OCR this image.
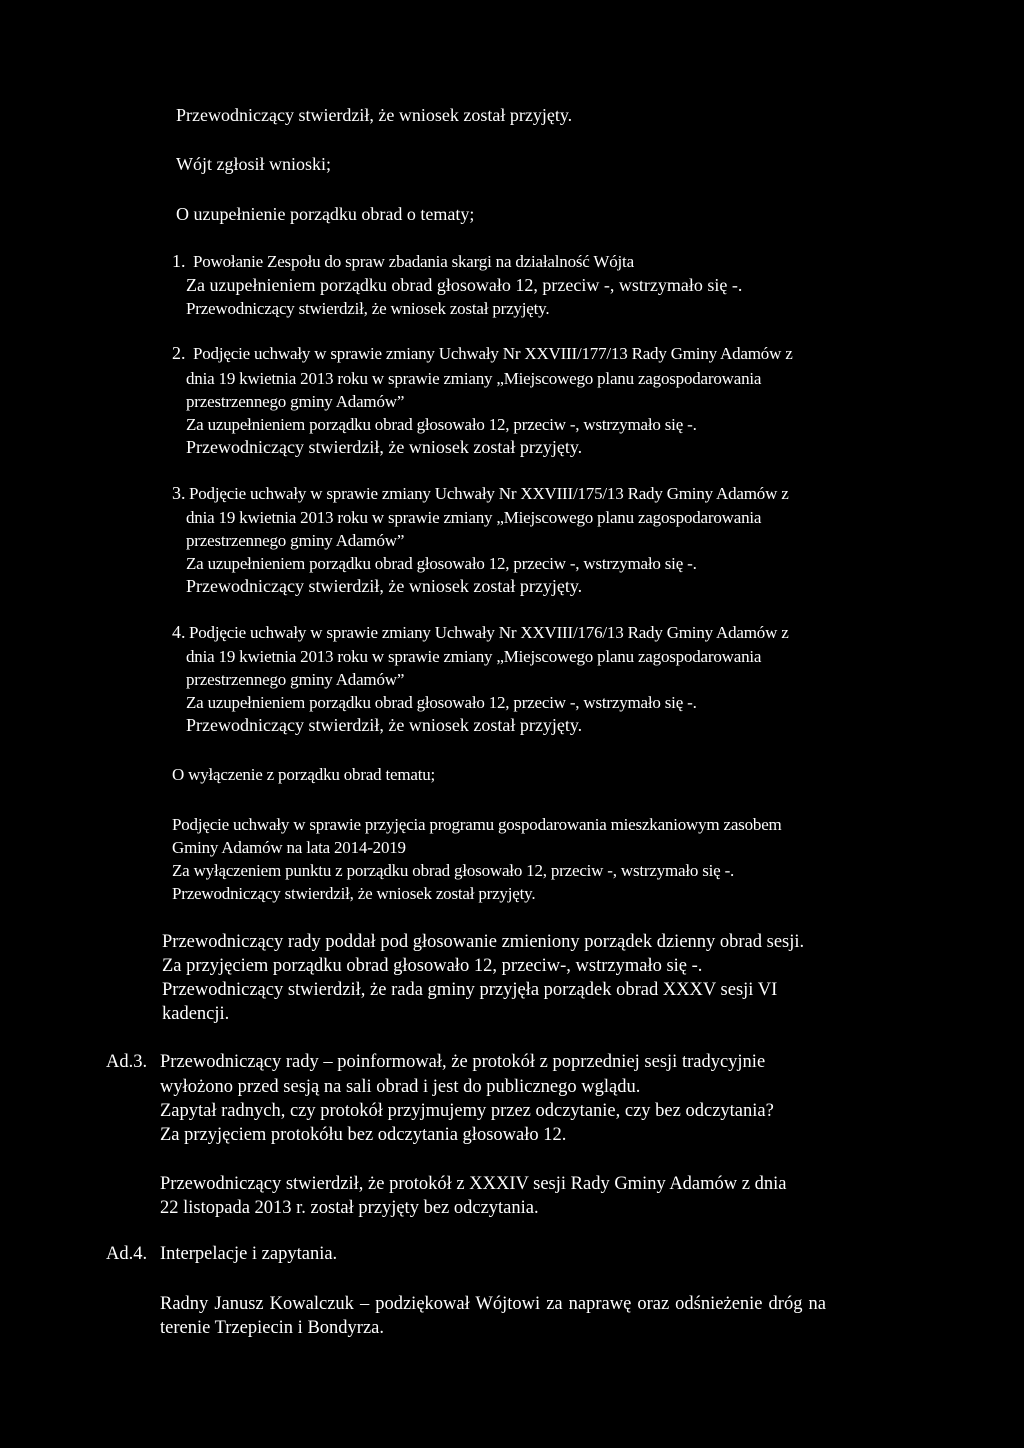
Przewodniczący stwierdził, że wniosek został przyjęty.
Wójt zgłosił wnioski;
O uzupełnienie porządku obrad o tematy;
1. Powołanie Zespołu do spraw zbadania skargi na działalność Wójta
Za uzupełnieniem porządku obrad głosowało 12, przeciw -, wstrzymało się -.
Przewodniczący stwierdził, że wniosek został przyjęty.
2. Podjęcie uchwały w sprawie zmiany Uchwały Nr XXVIII/177/13 Rady Gminy Adamów z
dnia 19 kwietnia 2013 roku w sprawie zmiany „Miejscowego planu zagospodarowania
przestrzennego gminy Adamów”
Za uzupełnieniem porządku obrad głosowało 12, przeciw -, wstrzymało się -.
Przewodniczący stwierdził, że wniosek został przyjęty.
3. Podjęcie uchwały w sprawie zmiany Uchwały Nr XXVIII/175/13 Rady Gminy Adamów z
dnia 19 kwietnia 2013 roku w sprawie zmiany „Miejscowego planu zagospodarowania
przestrzennego gminy Adamów”
Za uzupełnieniem porządku obrad głosowało 12, przeciw -, wstrzymało się -.
Przewodniczący stwierdził, że wniosek został przyjęty.
4. Podjęcie uchwały w sprawie zmiany Uchwały Nr XXVIII/176/13 Rady Gminy Adamów z
dnia 19 kwietnia 2013 roku w sprawie zmiany „Miejscowego planu zagospodarowania
przestrzennego gminy Adamów”
Za uzupełnieniem porządku obrad głosowało 12, przeciw -, wstrzymało się -.
Przewodniczący stwierdził, że wniosek został przyjęty.
O wyłączenie z porządku obrad tematu;
Podjęcie uchwały w sprawie przyjęcia programu gospodarowania mieszkaniowym zasobem
Gminy Adamów na lata 2014-2019
Za wyłączeniem punktu z porządku obrad głosowało 12, przeciw -, wstrzymało się -.
Przewodniczący stwierdził, że wniosek został przyjęty.
Przewodniczący rady poddał pod głosowanie zmieniony porządek dzienny obrad sesji.
Za przyjęciem porządku obrad głosowało 12, przeciw-, wstrzymało się -.
Przewodniczący stwierdził, że rada gminy przyjęła porządek obrad XXXV sesji VI
kadencji.
Ad.3. Przewodniczący rady – poinformował, że protokół z poprzedniej sesji tradycyjnie
wyłożono przed sesją na sali obrad i jest do publicznego wglądu.
Zapytał radnych, czy protokół przyjmujemy przez odczytanie, czy bez odczytania?
Za przyjęciem protokółu bez odczytania głosowało 12.
Przewodniczący stwierdził, że protokół z XXXIV sesji Rady Gminy Adamów z dnia
22 listopada 2013 r. został przyjęty bez odczytania.
Ad.4. Interpelacje i zapytania.
Radny Janusz Kowalczuk – podziękował Wójtowi za naprawę oraz odśnieżenie dróg na
terenie Trzepiecin i Bondyrza.
